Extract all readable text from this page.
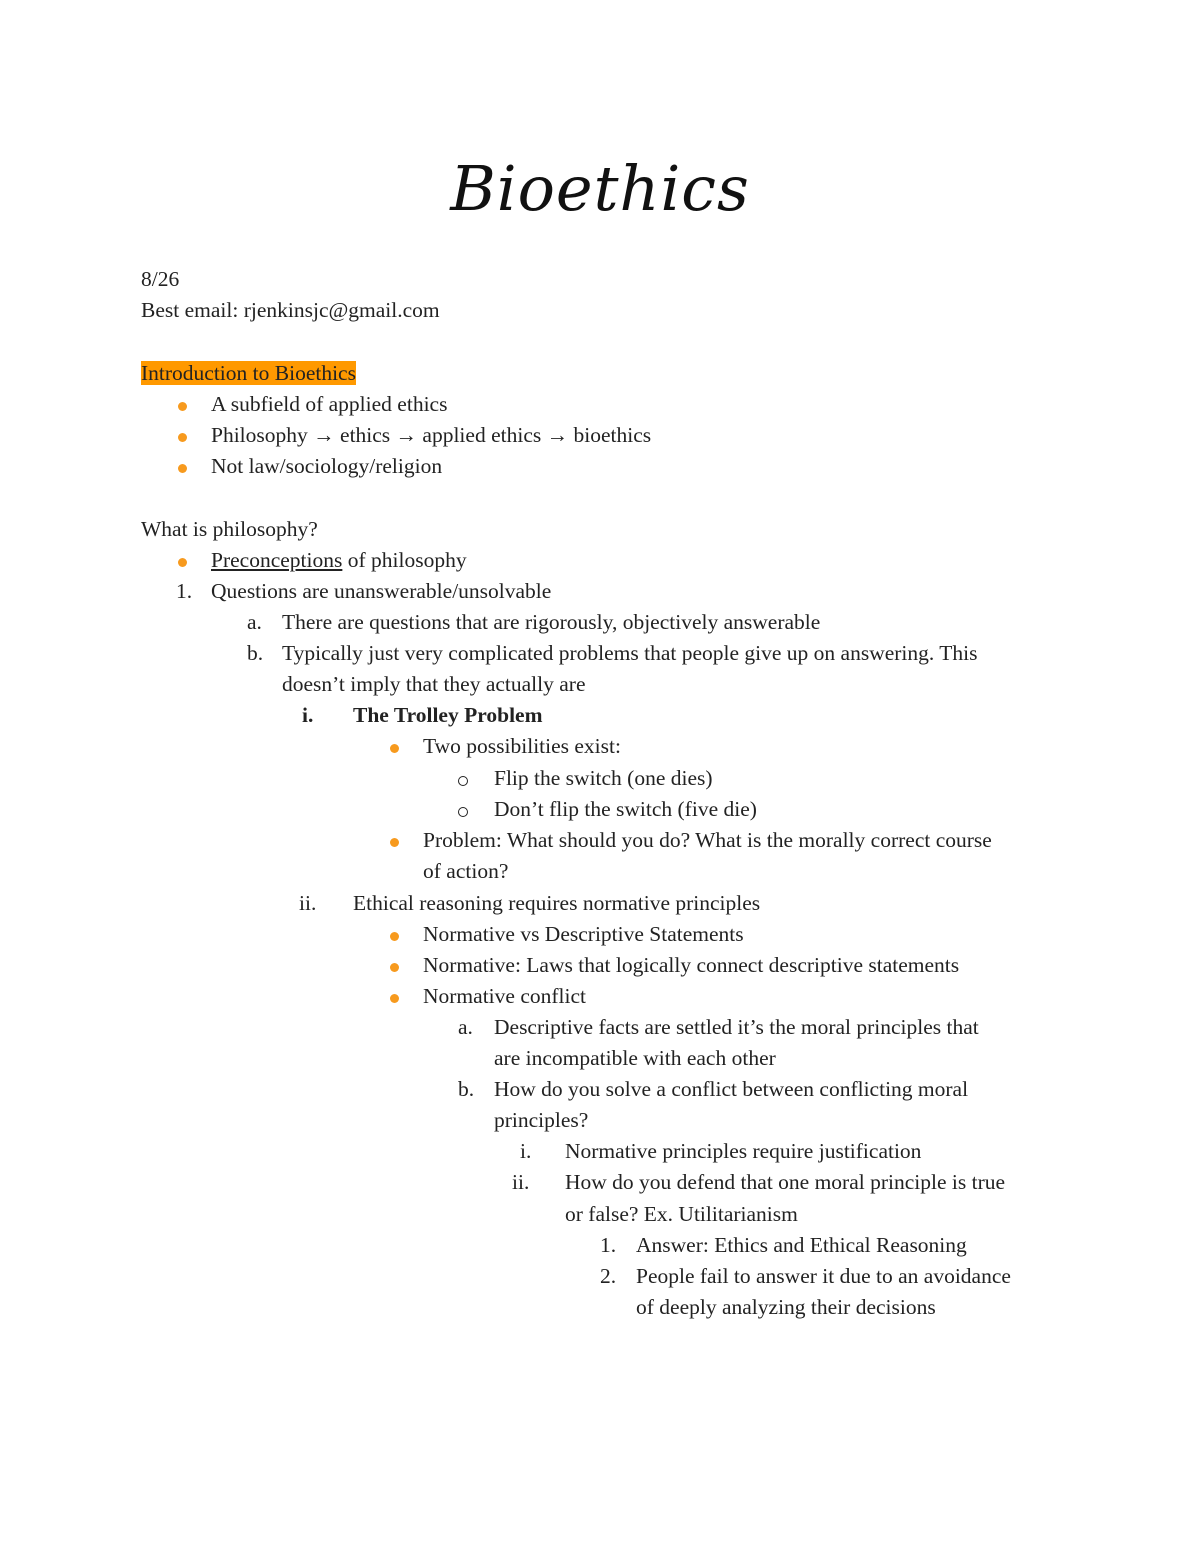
Bioethics
8/26
Best email: rjenkinsjc@gmail.com
Introduction to Bioethics
A subfield of applied ethics
Philosophy → ethics → applied ethics → bioethics
Not law/sociology/religion
What is philosophy?
Preconceptions of philosophy
1. Questions are unanswerable/unsolvable
a. There are questions that are rigorously, objectively answerable
b. Typically just very complicated problems that people give up on answering. This
doesn’t imply that they actually are
i. The Trolley Problem
Two possibilities exist:
Flip the switch (one dies)
Don’t flip the switch (five die)
Problem: What should you do? What is the morally correct course
of action?
ii. Ethical reasoning requires normative principles
Normative vs Descriptive Statements
Normative: Laws that logically connect descriptive statements
Normative conflict
a. Descriptive facts are settled it’s the moral principles that
are incompatible with each other
b. How do you solve a conflict between conflicting moral
principles?
i. Normative principles require justification
ii. How do you defend that one moral principle is true
or false? Ex. Utilitarianism
1. Answer: Ethics and Ethical Reasoning
2. People fail to answer it due to an avoidance
of deeply analyzing their decisions
